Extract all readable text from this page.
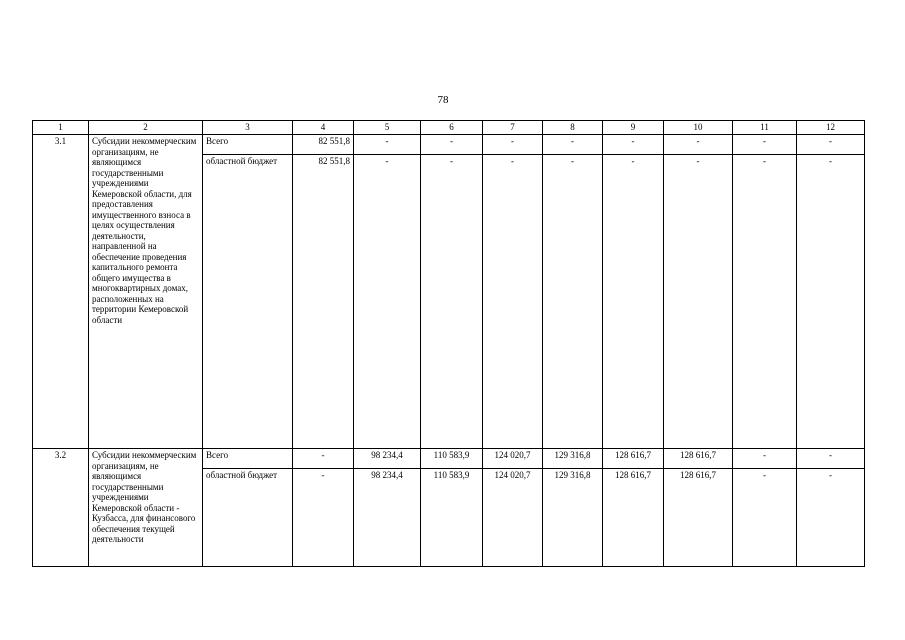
78
1	2	3	4	5	6	7	8	9	10	11	12
3.1	Субсидии некоммерческим организациям, не являющимся государственными учреждениями Кемеровской области, для предоставления имущественного взноса в целях осуществления деятельности, направленной на обеспечение проведения капитального ремонта общего имущества в многоквартирных домах, расположенных на территории Кемеровской области	Всего	82 551,8	-	-	-	-	-	-	-	-
		областной бюджет	82 551,8	-	-	-	-	-	-	-	-
3.2	Субсидии некоммерческим организациям, не являющимся государственными учреждениями Кемеровской области - Кузбасса, для финансового обеспечения текущей деятельности	Всего	-	98 234,4	110 583,9	124 020,7	129 316,8	128 616,7	128 616,7	-	-
		областной бюджет	-	98 234,4	110 583,9	124 020,7	129 316,8	128 616,7	128 616,7	-	-
